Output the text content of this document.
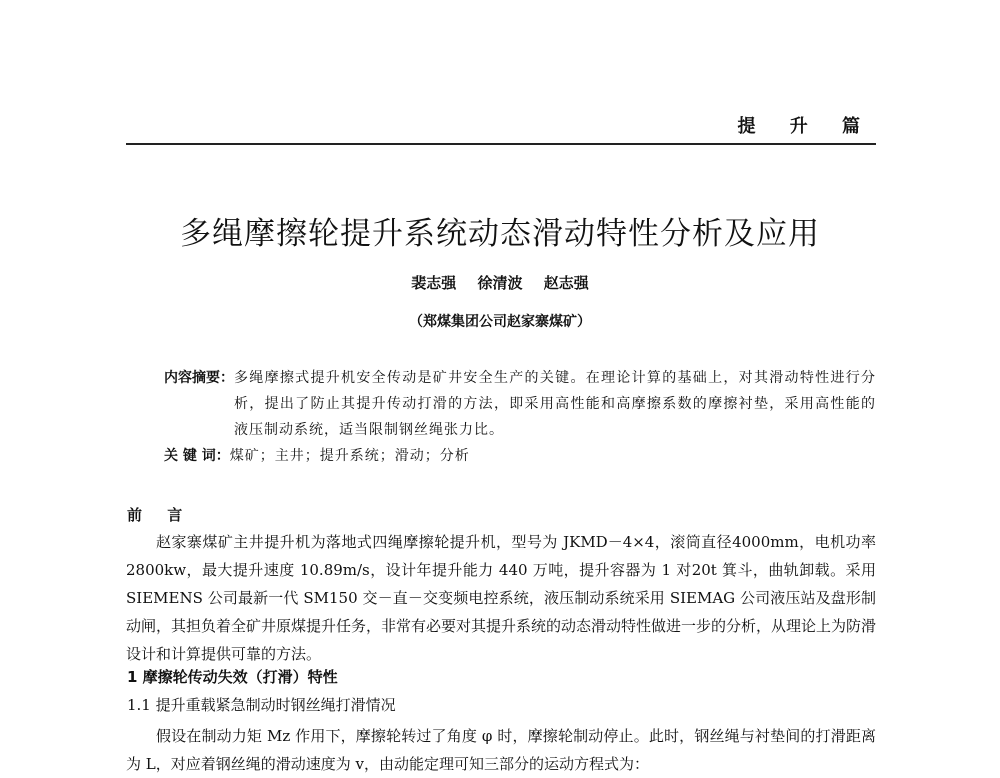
提 升 篇
多绳摩擦轮提升系统动态滑动特性分析及应用
裴志强 徐清波 赵志强
（郑煤集团公司赵家寨煤矿）
内容摘要： 多绳摩擦式提升机安全传动是矿井安全生产的关键。在理论计算的基础上，对其滑动特性进行分析，提出了防止其提升传动打滑的方法，即采用高性能和高摩擦系数的摩擦衬垫，采用高性能的液压制动系统，适当限制钢丝绳张力比。
关 键 词： 煤矿；主井；提升系统；滑动；分析
前 言

赵家寨煤矿主井提升机为落地式四绳摩擦轮提升机，型号为 JKMD－4×4，滚筒直径4000mm，电机功率 2800kw，最大提升速度 10.89m/s，设计年提升能力 440 万吨，提升容器为 1 对20t 箕斗，曲轨卸载。采用 SIEMENS 公司最新一代 SM150 交－直－交变频电控系统，液压制动系统采用 SIEMAG 公司液压站及盘形制动闸，其担负着全矿井原煤提升任务，非常有必要对其提升系统的动态滑动特性做进一步的分析，从理论上为防滑设计和计算提供可靠的方法。

1 摩擦轮传动失效（打滑）特性
1.1 提升重载紧急制动时钢丝绳打滑情况

假设在制动力矩 Mz 作用下，摩擦轮转过了角度 φ 时，摩擦轮制动停止。此时，钢丝绳与衬垫间的打滑距离为 L，对应着钢丝绳的滑动速度为 v，由动能定理可知三部分的运动方程式为：
